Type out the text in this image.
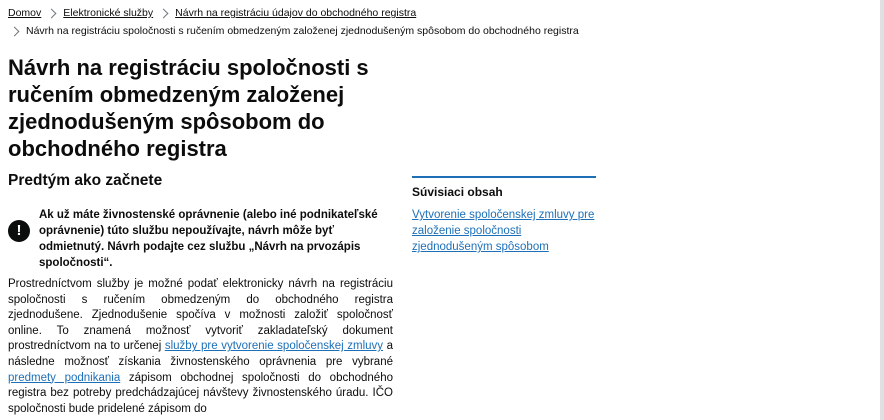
Domov Elektronické služby Návrh na registráciu údajov do obchodného registra
Návrh na registráciu spoločnosti s ručením obmedzeným založenej zjednodušeným spôsobom do obchodného registra
Návrh na registráciu spoločnosti s ručením obmedzeným založenej zjednodušeným spôsobom do obchodného registra
Predtým ako začnete
!
Ak už máte živnostenské oprávnenie (alebo iné podnikateľské oprávnenie) túto službu nepoužívajte, návrh môže byť odmietnutý. Návrh podajte cez službu „Návrh na prvozápis spoločnosti“.

Prostredníctvom služby je možné podať elektronicky návrh na registráciu spoločnosti s ručením obmedzeným do obchodného registra zjednodušene. Zjednodušenie spočíva v možnosti založiť spoločnosť online. To znamená možnosť vytvoriť zakladateľský dokument prostredníctvom na to určenej služby pre vytvorenie spoločenskej zmluvy a následne možnosť získania živnostenského oprávnenia pre vybrané predmety podnikania zápisom obchodnej spoločnosti do obchodného registra bez potreby predchádzajúcej návštevy živnostenského úradu. IČO spoločnosti bude pridelené zápisom do

Súvisiaci obsah
Vytvorenie spoločenskej zmluvy pre založenie spoločnosti zjednodušeným spôsobom
